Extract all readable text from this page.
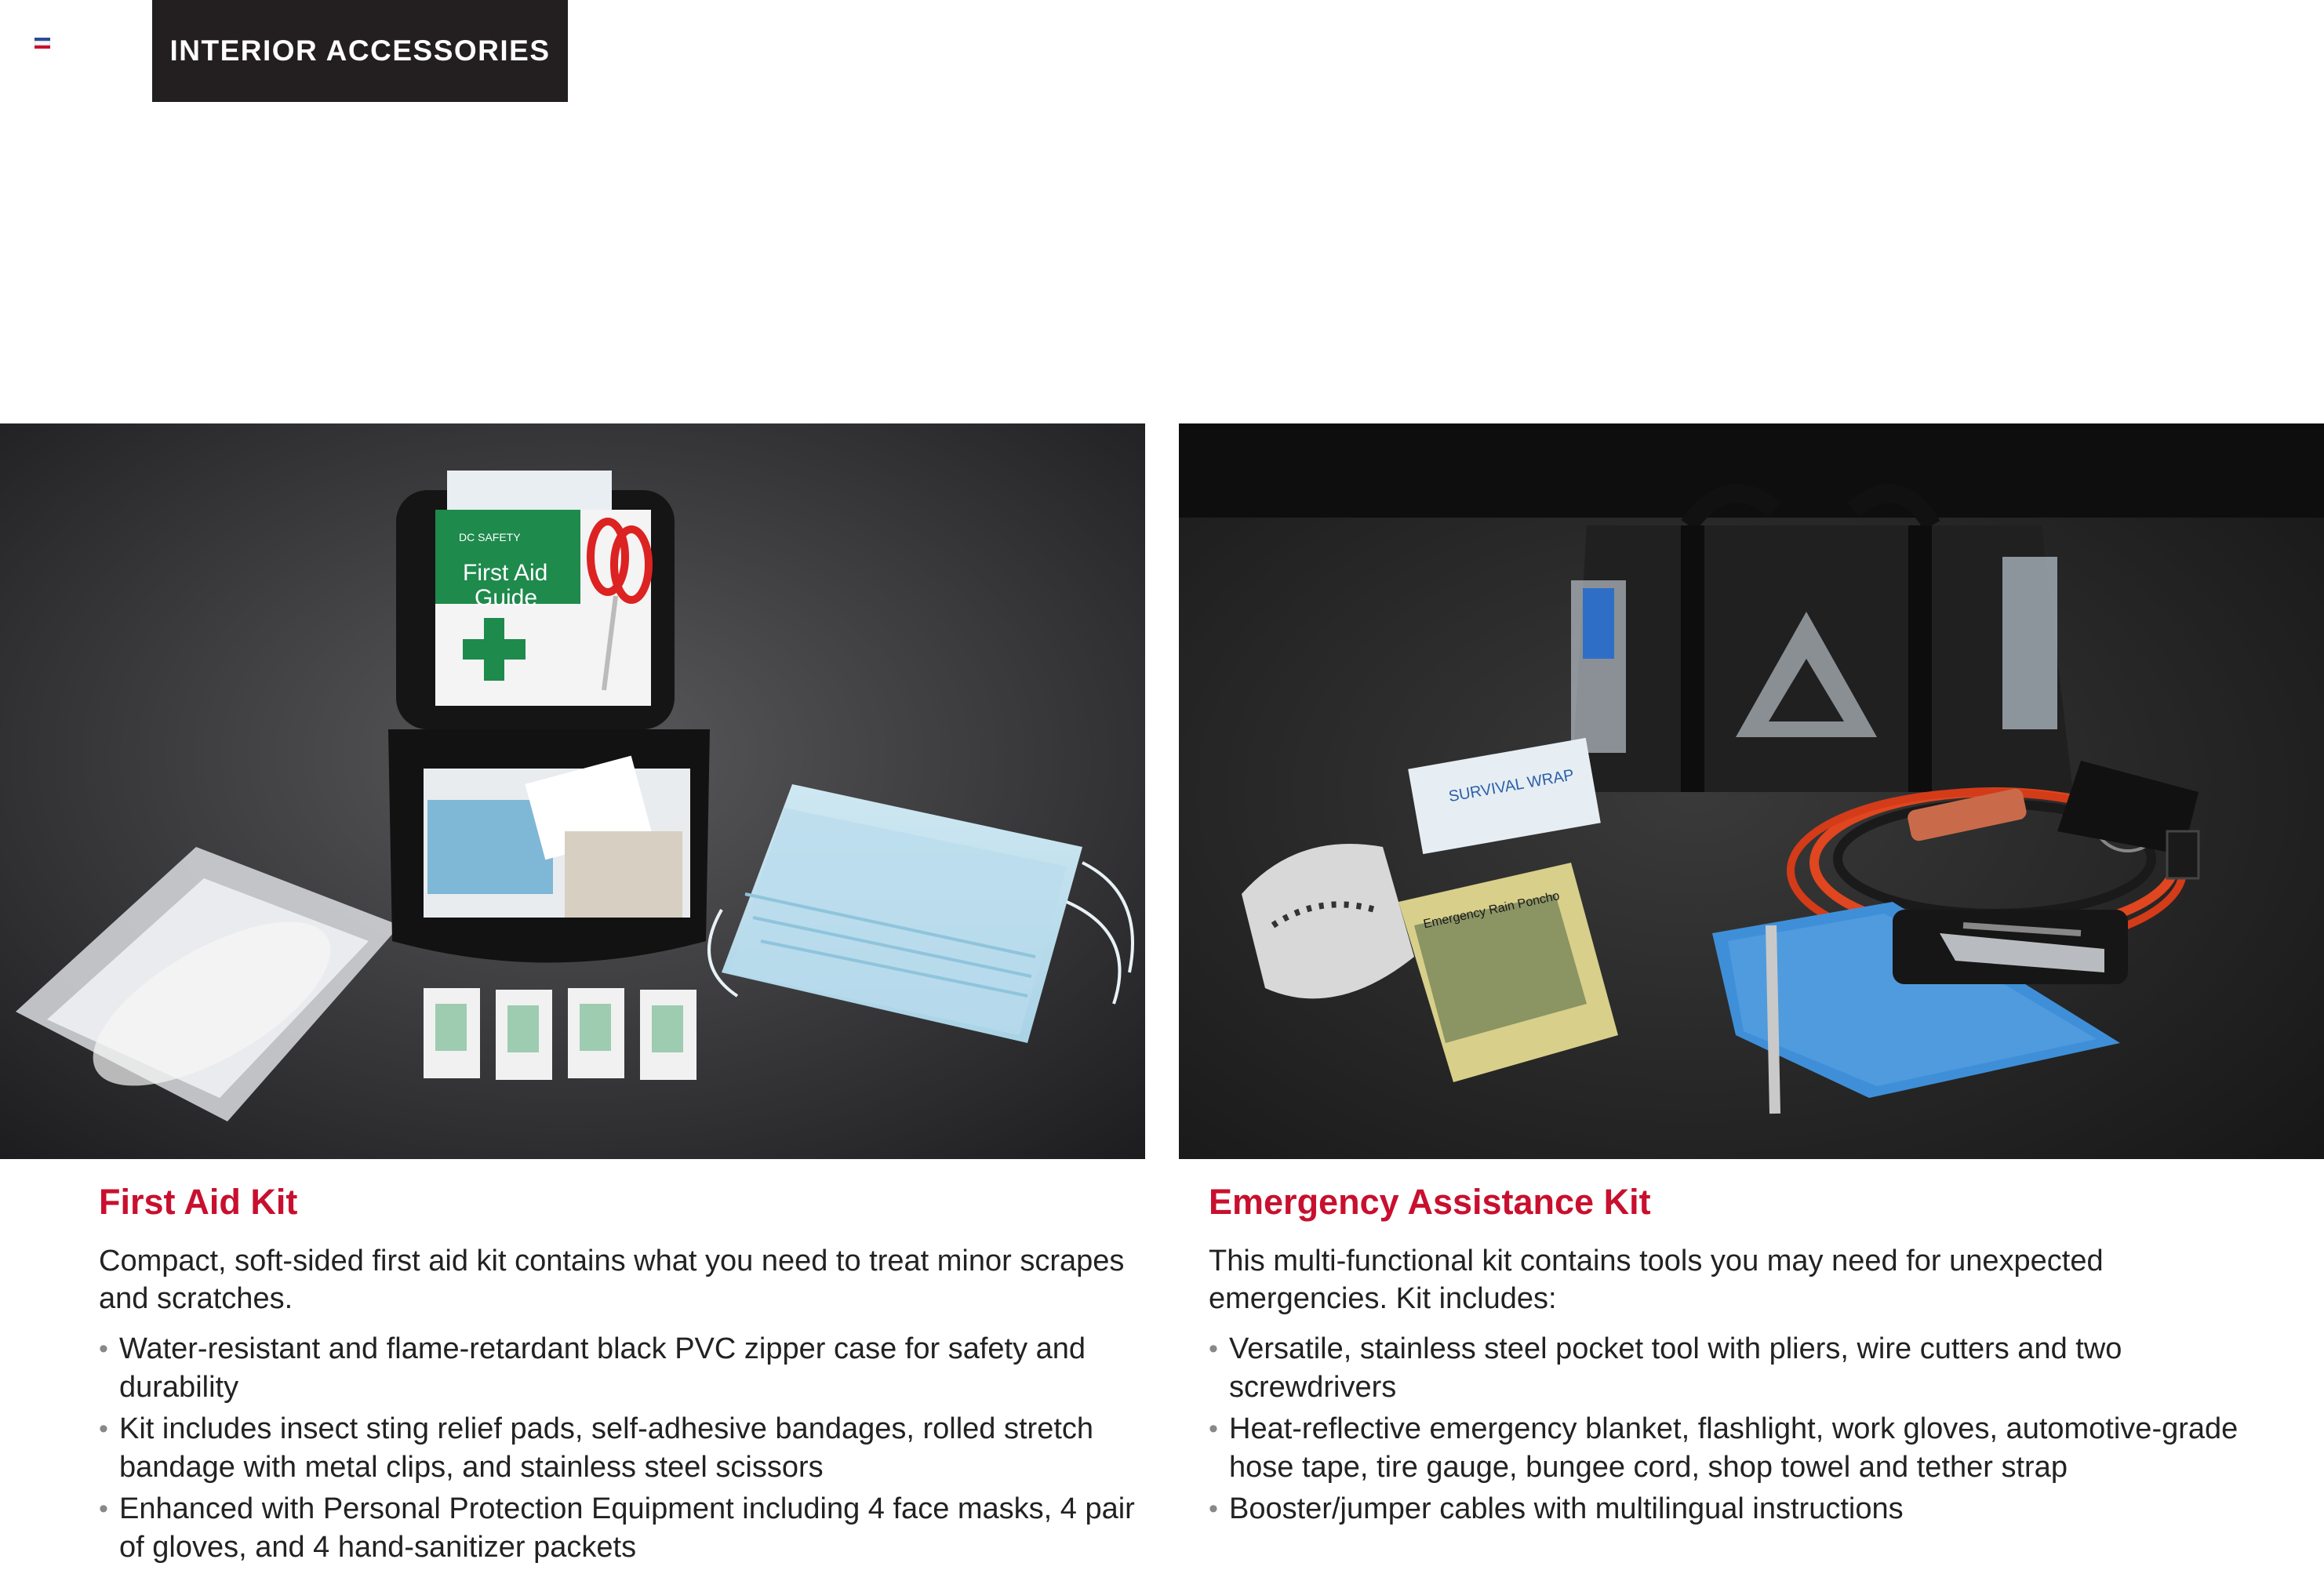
INTERIOR ACCESSORIES
DC SAFETY
First Aid
Guide
SURVIVAL WRAP
Emergency Rain Poncho
First Aid Kit

Compact, soft-sided first aid kit contains what you need to treat minor scrapes and scratches.

• Water-resistant and flame-retardant black PVC zipper case for safety and durability
• Kit includes insect sting relief pads, self-adhesive bandages, rolled stretch bandage with metal clips, and stainless steel scissors
• Enhanced with Personal Protection Equipment including 4 face masks, 4 pair of gloves, and 4 hand-sanitizer packets
Emergency Assistance Kit

This multi-functional kit contains tools you may need for unexpected emergencies. Kit includes:

• Versatile, stainless steel pocket tool with pliers, wire cutters and two screwdrivers
• Heat-reflective emergency blanket, flashlight, work gloves, automotive-grade hose tape, tire gauge, bungee cord, shop towel and tether strap
• Booster/jumper cables with multilingual instructions
